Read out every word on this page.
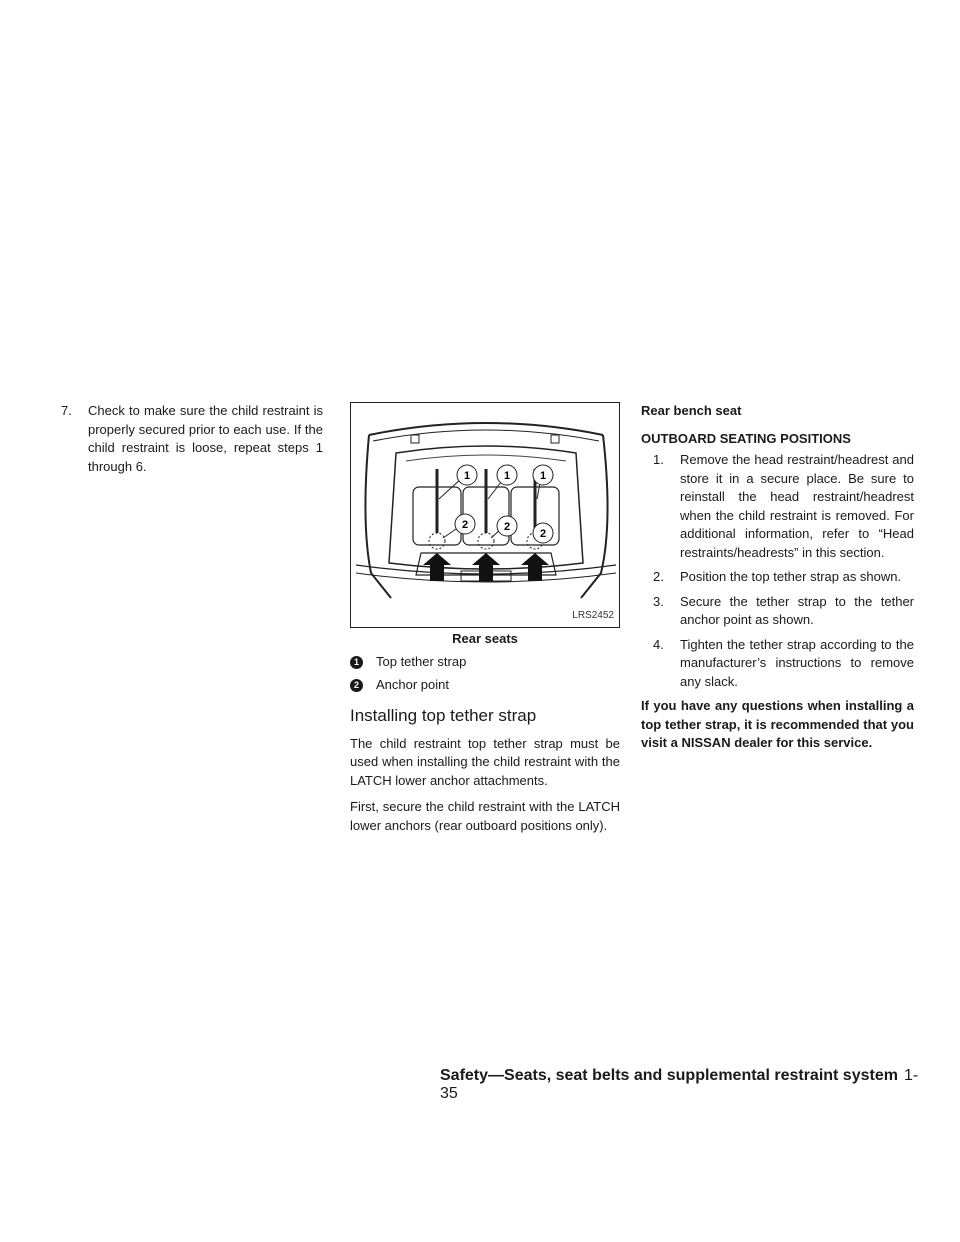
7. Check to make sure the child restraint is properly secured prior to each use. If the child restraint is loose, repeat steps 1 through 6.
1	1	1
2	2
2
LRS2452
Rear seats
1	Top tether strap
2	Anchor point
Installing top tether strap

The child restraint top tether strap must be used when installing the child restraint with the LATCH lower anchor attachments.

First, secure the child restraint with the LATCH lower anchors (rear outboard positions only).

Rear bench seat
OUTBOARD SEATING POSITIONS
1. Remove the head restraint/headrest and store it in a secure place. Be sure to reinstall the head restraint/headrest when the child restraint is removed. For additional information, refer to “Head restraints/headrests” in this section.
2. Position the top tether strap as shown.
3. Secure the tether strap to the tether anchor point as shown.
4. Tighten the tether strap according to the manufacturer’s instructions to remove any slack.

If you have any questions when installing a top tether strap, it is recommended that you visit a NISSAN dealer for this service.

Safety—Seats, seat belts and supplemental restraint system 1-35
